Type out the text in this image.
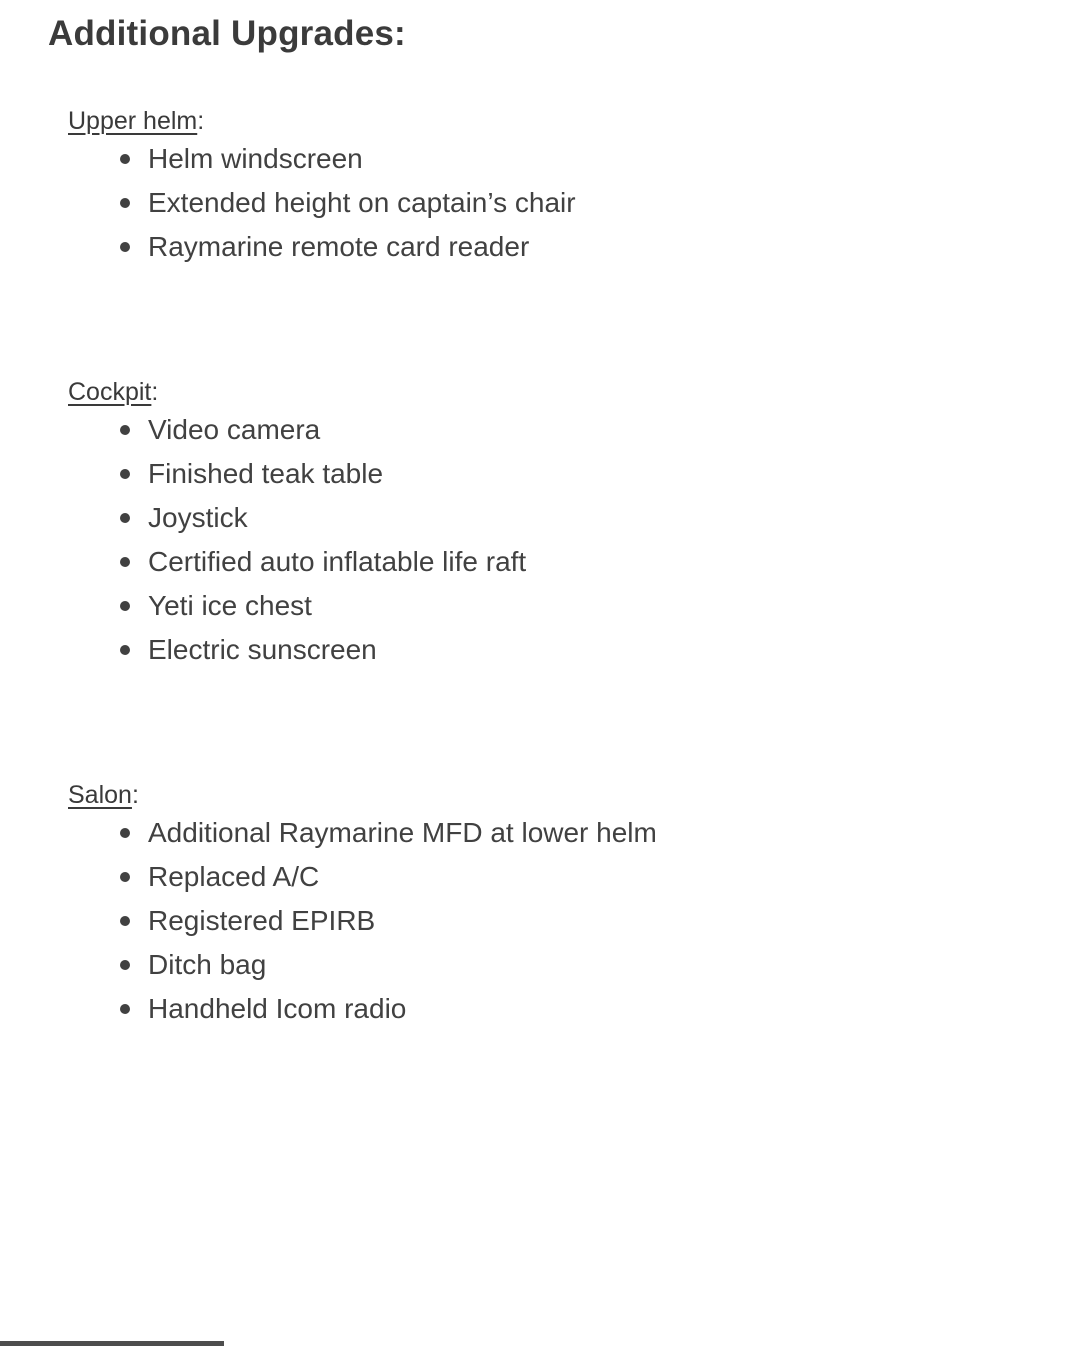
Additional Upgrades:
Upper helm:
Helm windscreen
Extended height on captain’s chair
Raymarine remote card reader
Cockpit:
Video camera
Finished teak table
Joystick
Certified auto inflatable life raft
Yeti ice chest
Electric sunscreen
Salon:
Additional Raymarine MFD at lower helm
Replaced A/C
Registered EPIRB
Ditch bag
Handheld Icom radio
